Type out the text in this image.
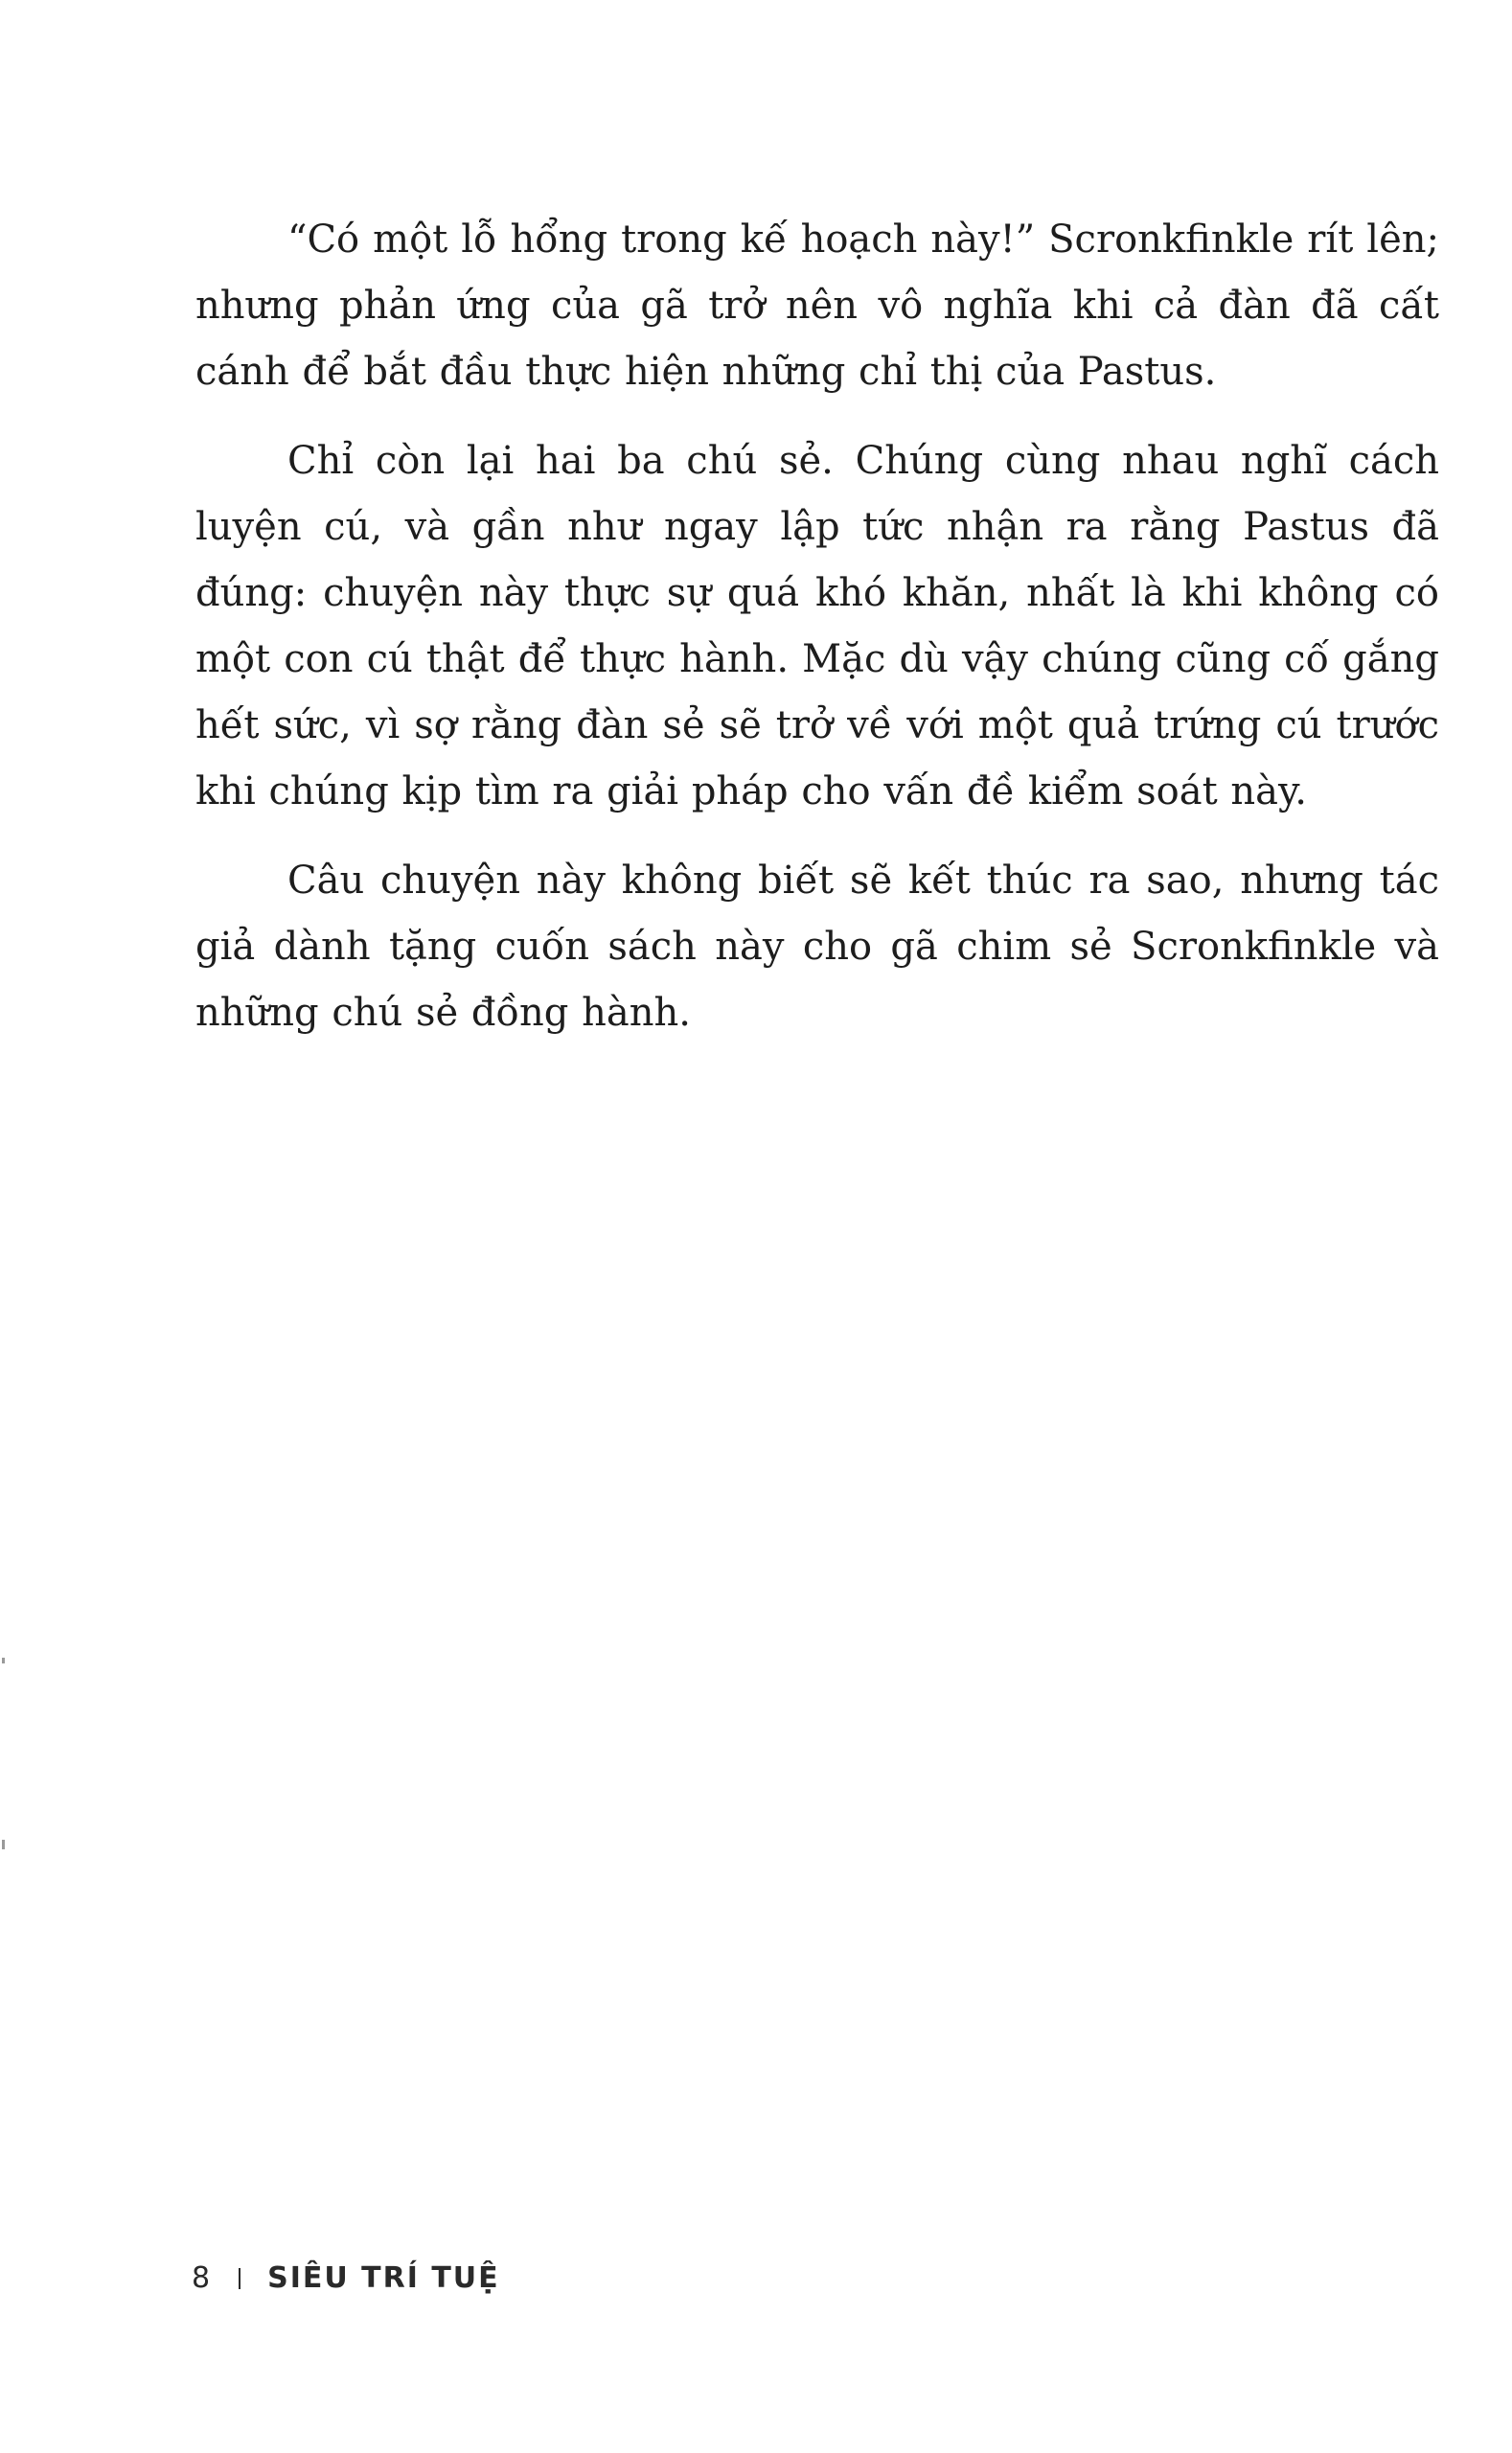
“Có một lỗ hổng trong kế hoạch này!” Scronkfinkle rít lên; nhưng phản ứng của gã trở nên vô nghĩa khi cả đàn đã cất cánh để bắt đầu thực hiện những chỉ thị của Pastus.

Chỉ còn lại hai ba chú sẻ. Chúng cùng nhau nghĩ cách luyện cú, và gần như ngay lập tức nhận ra rằng Pastus đã đúng: chuyện này thực sự quá khó khăn, nhất là khi không có một con cú thật để thực hành. Mặc dù vậy chúng cũng cố gắng hết sức, vì sợ rằng đàn sẻ sẽ trở về với một quả trứng cú trước khi chúng kịp tìm ra giải pháp cho vấn đề kiểm soát này.

Câu chuyện này không biết sẽ kết thúc ra sao, nhưng tác giả dành tặng cuốn sách này cho gã chim sẻ Scronkfinkle và những chú sẻ đồng hành.

8 SIÊU TRÍ TUỆ
